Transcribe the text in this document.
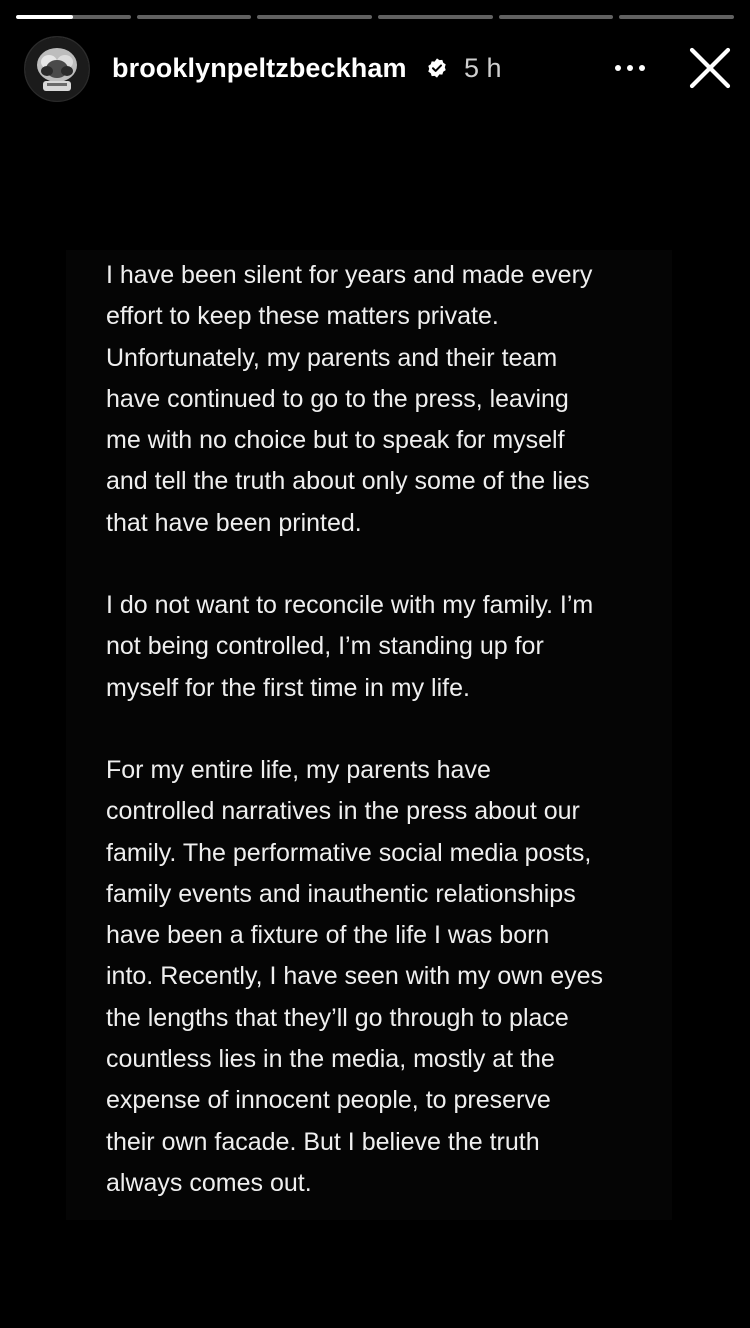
brooklynpeltzbeckham 5 h

I have been silent for years and made every
effort to keep these matters private.
Unfortunately, my parents and their team
have continued to go to the press, leaving
me with no choice but to speak for myself
and tell the truth about only some of the lies
that have been printed.

I do not want to reconcile with my family. I’m
not being controlled, I’m standing up for
myself for the first time in my life.

For my entire life, my parents have
controlled narratives in the press about our
family. The performative social media posts,
family events and inauthentic relationships
have been a fixture of the life I was born
into. Recently, I have seen with my own eyes
the lengths that they’ll go through to place
countless lies in the media, mostly at the
expense of innocent people, to preserve
their own facade. But I believe the truth
always comes out.
